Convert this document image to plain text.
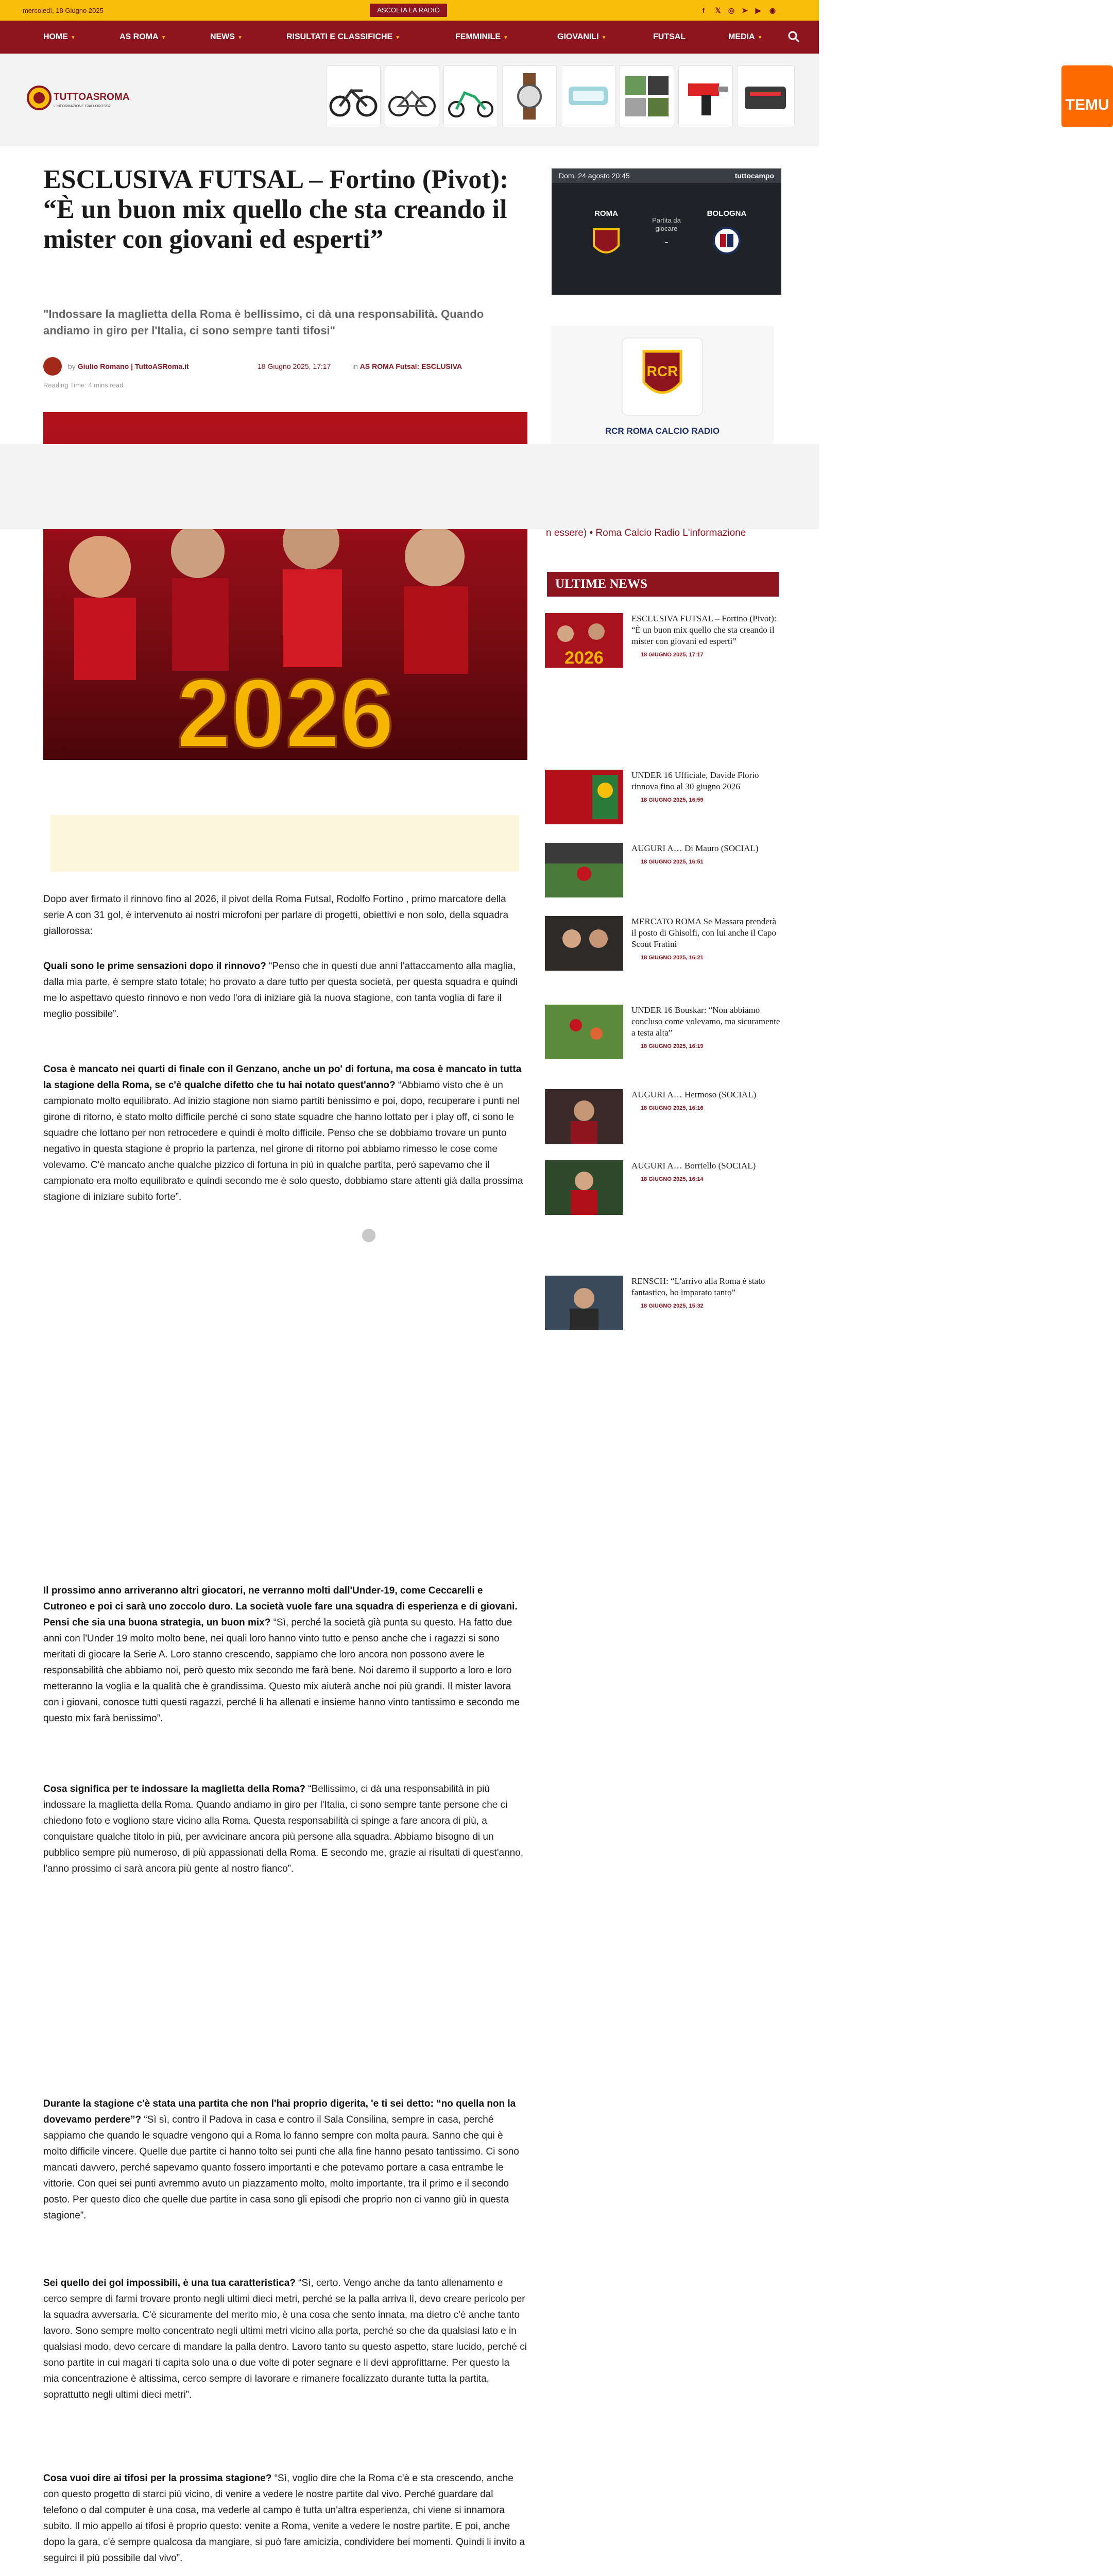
mercoledì, 18 Giugno 2025	ASCOLTA LA RADIO	f	𝕏	◎ ➤	▶	◉
HOME ▼	AS ROMA ▼	NEWS ▼	RISULTATI E CLASSIFICHE ▼	FEMMINILE ▼	GIOVANILI ▼	FUTSAL	MEDIA ▼
TUTTOASROMA
L'INFORMAZIONE GIALLOROSSA	TEMU
ESCLUSIVA FUTSAL – Fortino (Pivot): “È un buon mix quello che sta creando il mister con giovani ed esperti”

"Indossare la maglietta della Roma è bellissimo, ci dà una responsabilità. Quando andiamo in giro per l'Italia, ci sono sempre tanti tifosi"

by Giulio Romano | TuttoASRoma.it	18 Giugno 2025, 17:17	in AS ROMA Futsal: ESCLUSIVA
Reading Time: 4 mins read
2026

Dopo aver firmato il rinnovo fino al 2026, il pivot della Roma Futsal, Rodolfo Fortino , primo marcatore della serie A con 31 gol, è intervenuto ai nostri microfoni per parlare di progetti, obiettivi e non solo, della squadra giallorossa:

Quali sono le prime sensazioni dopo il rinnovo? “Penso che in questi due anni l'attaccamento alla maglia, dalla mia parte, è sempre stato totale; ho provato a dare tutto per questa società, per questa squadra e quindi me lo aspettavo questo rinnovo e non vedo l'ora di iniziare già la nuova stagione, con tanta voglia di fare il meglio possibile”.

Cosa è mancato nei quarti di finale con il Genzano, anche un po' di fortuna, ma cosa è mancato in tutta la stagione della Roma, se c'è qualche difetto che tu hai notato quest'anno? “Abbiamo visto che è un campionato molto equilibrato. Ad inizio stagione non siamo partiti benissimo e poi, dopo, recuperare i punti nel girone di ritorno, è stato molto difficile perché ci sono state squadre che hanno lottato per i play off, ci sono le squadre che lottano per non retrocedere e quindi è molto difficile. Penso che se dobbiamo trovare un punto negativo in questa stagione è proprio la partenza, nel girone di ritorno poi abbiamo rimesso le cose come volevamo. C'è mancato anche qualche pizzico di fortuna in più in qualche partita, però sapevamo che il campionato era molto equilibrato e quindi secondo me è solo questo, dobbiamo stare attenti già dalla prossima stagione di iniziare subito forte”.

Il prossimo anno arriveranno altri giocatori, ne verranno molti dall'Under-19, come Ceccarelli e Cutroneo e poi ci sarà uno zoccolo duro. La società vuole fare una squadra di esperienza e di giovani. Pensi che sia una buona strategia, un buon mix? “Sì, perché la società già punta su questo. Ha fatto due anni con l'Under 19 molto molto bene, nei quali loro hanno vinto tutto e penso anche che i ragazzi si sono meritati di giocare la Serie A. Loro stanno crescendo, sappiamo che loro ancora non possono avere le responsabilità che abbiamo noi, però questo mix secondo me farà bene. Noi daremo il supporto a loro e loro metteranno la voglia e la qualità che è grandissima. Questo mix aiuterà anche noi più grandi. Il mister lavora con i giovani, conosce tutti questi ragazzi, perché li ha allenati e insieme hanno vinto tantissimo e secondo me questo mix farà benissimo”.

Cosa significa per te indossare la maglietta della Roma? “Bellissimo, ci dà una responsabilità in più indossare la maglietta della Roma. Quando andiamo in giro per l'Italia, ci sono sempre tante persone che ci chiedono foto e vogliono stare vicino alla Roma. Questa responsabilità ci spinge a fare ancora di più, a conquistare qualche titolo in più, per avvicinare ancora più persone alla squadra. Abbiamo bisogno di un pubblico sempre più numeroso, di più appassionati della Roma. E secondo me, grazie ai risultati di quest'anno, l'anno prossimo ci sarà ancora più gente al nostro fianco”.

Durante la stagione c'è stata una partita che non l'hai proprio digerita, 'e ti sei detto: “no quella non la dovevamo perdere”? “Sì sì, contro il Padova in casa e contro il Sala Consilina, sempre in casa, perché sappiamo che quando le squadre vengono qui a Roma lo fanno sempre con molta paura. Sanno che qui è molto difficile vincere. Quelle due partite ci hanno tolto sei punti che alla fine hanno pesato tantissimo. Ci sono mancati davvero, perché sapevamo quanto fossero importanti e che potevamo portare a casa entrambe le vittorie. Con quei sei punti avremmo avuto un piazzamento molto, molto importante, tra il primo e il secondo posto. Per questo dico che quelle due partite in casa sono gli episodi che proprio non ci vanno giù in questa stagione”.

Sei quello dei gol impossibili, è una tua caratteristica? “Sì, certo. Vengo anche da tanto allenamento e cerco sempre di farmi trovare pronto negli ultimi dieci metri, perché se la palla arriva lì, devo creare pericolo per la squadra avversaria. C'è sicuramente del merito mio, è una cosa che sento innata, ma dietro c'è anche tanto lavoro. Sono sempre molto concentrato negli ultimi metri vicino alla porta, perché so che da qualsiasi lato e in qualsiasi modo, devo cercare di mandare la palla dentro. Lavoro tanto su questo aspetto, stare lucido, perché ci sono partite in cui magari ti capita solo una o due volte di poter segnare e li devi approfittarne. Per questo la mia concentrazione è altissima, cerco sempre di lavorare e rimanere focalizzato durante tutta la partita, soprattutto negli ultimi dieci metri”.

Cosa vuoi dire ai tifosi per la prossima stagione? “Sì, voglio dire che la Roma c'è e sta crescendo, anche con questo progetto di starci più vicino, di venire a vedere le nostre partite dal vivo. Perché guardare dal telefono o dal computer è una cosa, ma vederle al campo è tutta un'altra esperienza, chi viene si innamora subito. Il mio appello ai tifosi è proprio questo: venite a Roma, venite a vedere le nostre partite. E poi, anche dopo la gara, c'è sempre qualcosa da mangiare, si può fare amicizia, condividere bei momenti. Quindi li invito a seguirci il più possibile dal vivo”.

Dom. 24 agosto 20:45	tuttocampo
ROMA	BOLOGNA
Partita da
giocare
-
RCR
RCR ROMA CALCIO RADIO
n essere) • Roma Calcio Radio L'informazione
ULTIME NEWS
2026
ESCLUSIVA FUTSAL – Fortino (Pivot): “È un buon mix quello che sta creando il mister con giovani ed esperti”
18 GIUGNO 2025, 17:17
UNDER 16 Ufficiale, Davide Florio rinnova fino al 30 giugno 2026
18 GIUGNO 2025, 16:59
AUGURI A… Di Mauro (SOCIAL)
18 GIUGNO 2025, 16:51
MERCATO ROMA Se Massara prenderà il posto di Ghisolfi, con lui anche il Capo Scout Fratini
18 GIUGNO 2025, 16:21
UNDER 16 Bouskar: “Non abbiamo concluso come volevamo, ma sicuramente a testa alta”
18 GIUGNO 2025, 16:19
AUGURI A… Hermoso (SOCIAL)
18 GIUGNO 2025, 16:16
AUGURI A… Borriello (SOCIAL)
18 GIUGNO 2025, 16:14
RENSCH: “L'arrivo alla Roma è stato fantastico, ho imparato tanto”
18 GIUGNO 2025, 15:32
